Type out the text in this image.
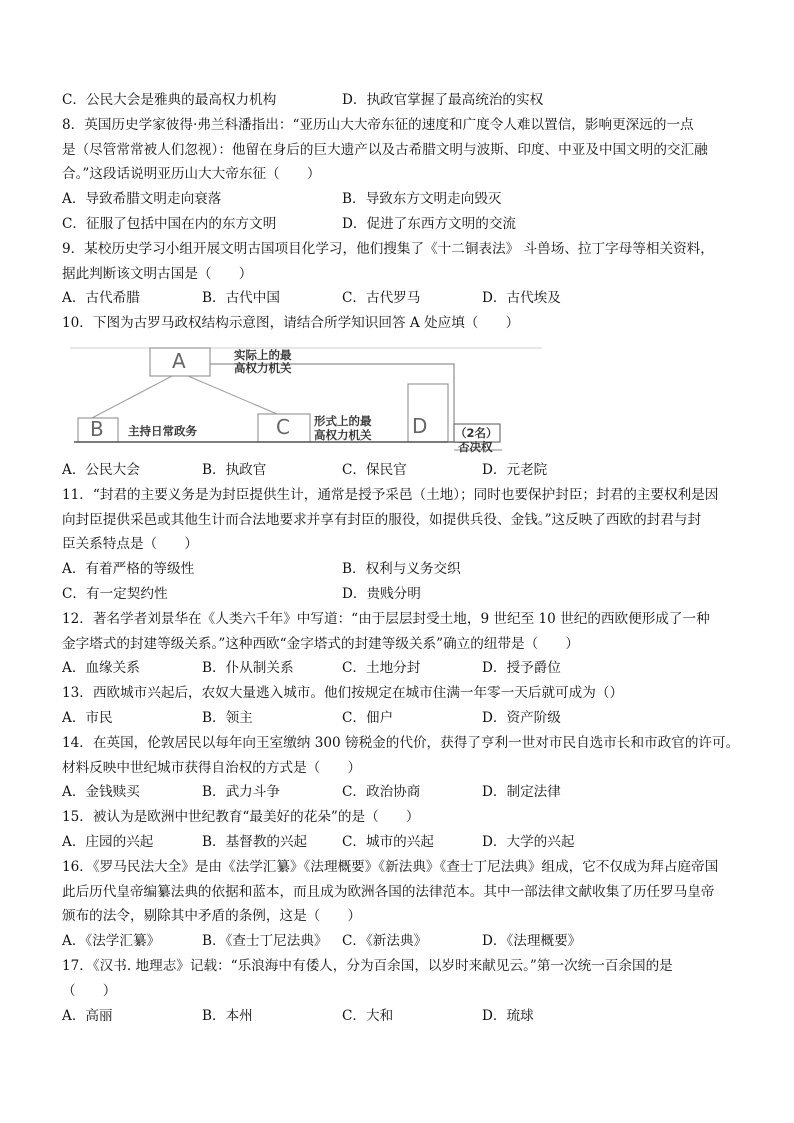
C．公民大会是雅典的最高权力机构	D．执政官掌握了最高统治的实权
8．英国历史学家彼得·弗兰科潘指出：“亚历山大大帝东征的速度和广度令人难以置信，影响更深远的一点
是（尽管常常被人们忽视）：他留在身后的巨大遗产以及古希腊文明与波斯、印度、中亚及中国文明的交汇融
合。”这段话说明亚历山大大帝东征（　　）
A．导致希腊文明走向衰落	B．导致东方文明走向毁灭
C．征服了包括中国在内的东方文明	D．促进了东西方文明的交流
9．某校历史学习小组开展文明古国项目化学习，他们搜集了《十二铜表法》 斗兽场、拉丁字母等相关资料，
据此判断该文明古国是（　　）
A．古代希腊	B．古代中国	C．古代罗马	D．古代埃及
10．下图为古罗马政权结构示意图，请结合所学知识回答 A 处应填（　　）
A	实际上的最
高权力机关
B 主持日常政务	C 形式上的最
高权力机关 D （2名）
否决权
A．公民大会	B．执政官	C．保民官	D．元老院
11．“封君的主要义务是为封臣提供生计，通常是授予采邑（土地）；同时也要保护封臣；封君的主要权利是因
向封臣提供采邑或其他生计而合法地要求并享有封臣的服役，如提供兵役、金钱。”这反映了西欧的封君与封
臣关系特点是（　　）
A．有着严格的等级性	B．权利与义务交织
C．有一定契约性	D．贵贱分明
12．著名学者刘景华在《人类六千年》中写道：“由于层层封受土地，9 世纪至 10 世纪的西欧便形成了一种
金字塔式的封建等级关系。”这种西欧“金字塔式的封建等级关系”确立的纽带是（　　）
A．血缘关系	B．仆从制关系	C．土地分封	D．授予爵位
13．西欧城市兴起后，农奴大量逃入城市。他们按规定在城市住满一年零一天后就可成为（）
A．市民	B．领主	C．佃户	D．资产阶级
14．在英国，伦敦居民以每年向王室缴纳 300 镑税金的代价，获得了亨利一世对市民自选市长和市政官的许可。
材料反映中世纪城市获得自治权的方式是（　　）
A．金钱赎买	B．武力斗争	C．政治协商	D．制定法律
15．被认为是欧洲中世纪教育“最美好的花朵”的是（　　）
A．庄园的兴起	B．基督教的兴起	C．城市的兴起	D．大学的兴起
16．《罗马民法大全》是由《法学汇纂》《法理概要》《新法典》《查士丁尼法典》组成，它不仅成为拜占庭帝国
此后历代皇帝编纂法典的依据和蓝本，而且成为欧洲各国的法律范本。其中一部法律文献收集了历任罗马皇帝
颁布的法令，剔除其中矛盾的条例，这是（　　）
A．《法学汇纂》	B．《查士丁尼法典》	C．《新法典》	D．《法理概要》
17．《汉书. 地理志》记载：“乐浪海中有倭人，分为百余国，以岁时来献见云。”第一次统一百余国的是
（　　）
A．高丽	B．本州	C．大和	D．琉球
